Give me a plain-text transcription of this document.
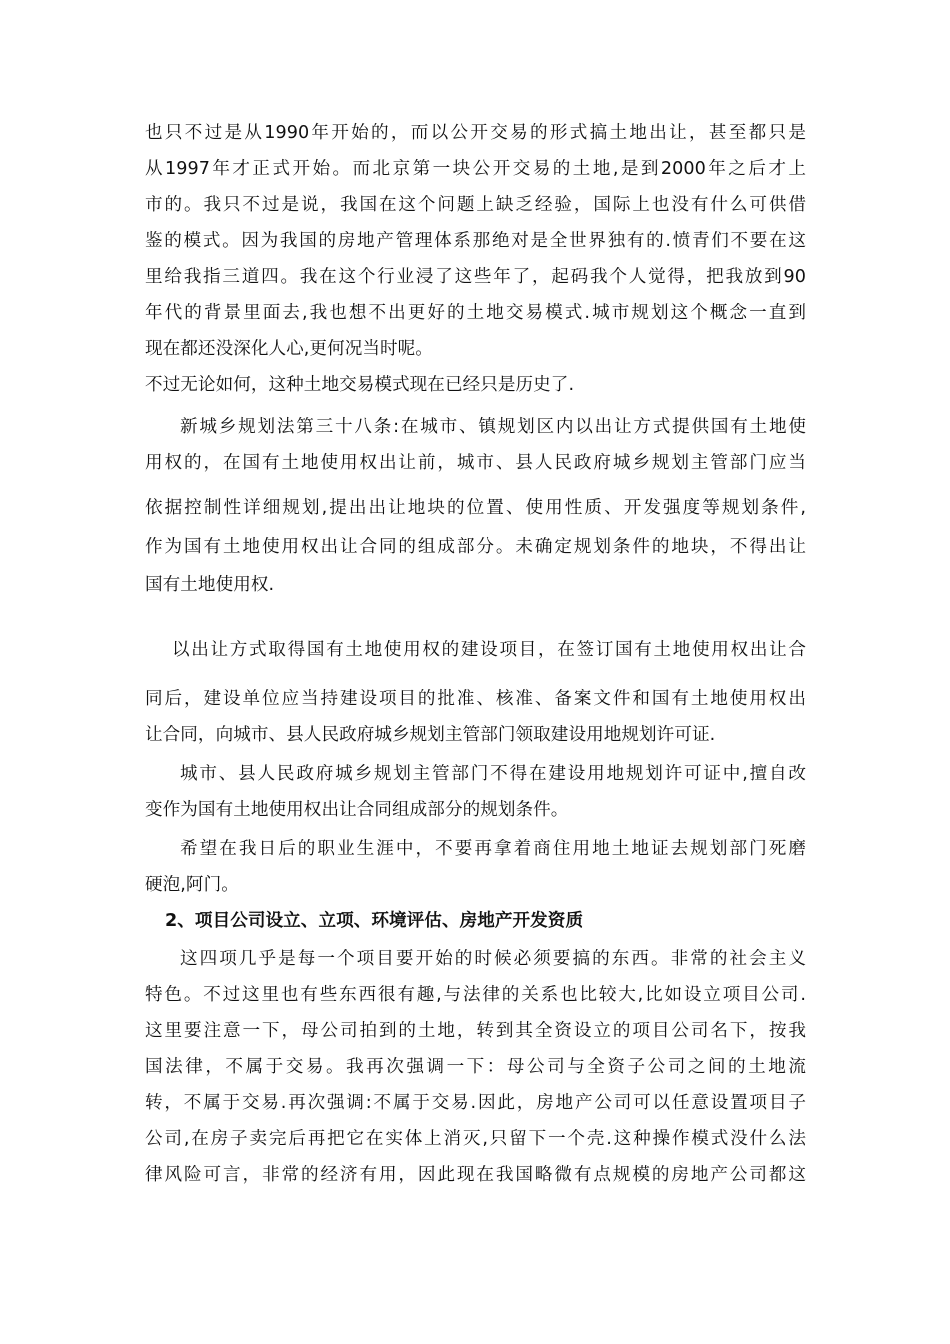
也只不过是从1990年开始的，而以公开交易的形式搞土地出让，甚至都只是
从1997年才正式开始。而北京第一块公开交易的土地,是到2000年之后才上
市的。我只不过是说，我国在这个问题上缺乏经验，国际上也没有什么可供借
鉴的模式。因为我国的房地产管理体系那绝对是全世界独有的.愤青们不要在这
里给我指三道四。我在这个行业浸了这些年了，起码我个人觉得，把我放到90
年代的背景里面去,我也想不出更好的土地交易模式.城市规划这个概念一直到
现在都还没深化人心,更何况当时呢。
不过无论如何，这种土地交易模式现在已经只是历史了.
新城乡规划法第三十八条:在城市、镇规划区内以出让方式提供国有土地使
用权的，在国有土地使用权出让前，城市、县人民政府城乡规划主管部门应当
依据控制性详细规划,提出出让地块的位置、使用性质、开发强度等规划条件,
作为国有土地使用权出让合同的组成部分。未确定规划条件的地块，不得出让
国有土地使用权.
以出让方式取得国有土地使用权的建设项目，在签订国有土地使用权出让合
同后，建设单位应当持建设项目的批准、核准、备案文件和国有土地使用权出
让合同，向城市、县人民政府城乡规划主管部门领取建设用地规划许可证.
城市、县人民政府城乡规划主管部门不得在建设用地规划许可证中,擅自改
变作为国有土地使用权出让合同组成部分的规划条件。
希望在我日后的职业生涯中，不要再拿着商住用地土地证去规划部门死磨
硬泡,阿门。
2、项目公司设立、立项、环境评估、房地产开发资质
这四项几乎是每一个项目要开始的时候必须要搞的东西。非常的社会主义
特色。不过这里也有些东西很有趣,与法律的关系也比较大,比如设立项目公司.
这里要注意一下，母公司拍到的土地，转到其全资设立的项目公司名下，按我
国法律，不属于交易。我再次强调一下：母公司与全资子公司之间的土地流
转，不属于交易.再次强调:不属于交易.因此，房地产公司可以任意设置项目子
公司,在房子卖完后再把它在实体上消灭,只留下一个壳.这种操作模式没什么法
律风险可言，非常的经济有用，因此现在我国略微有点规模的房地产公司都这
